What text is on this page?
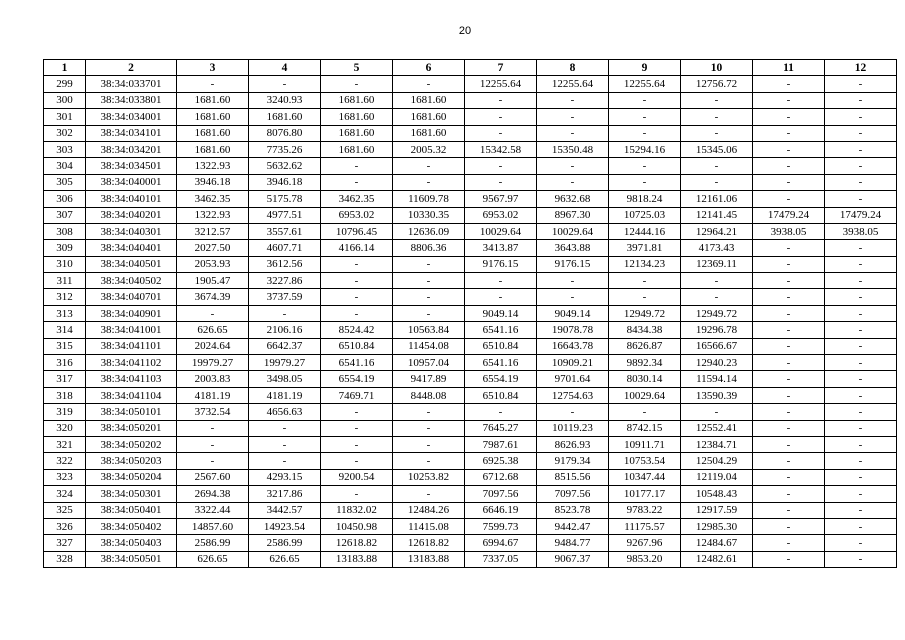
20
1	2	3	4	5	6	7	8	9	10	11	12
299	38:34:033701	-	-	-	-	12255.64	12255.64	12255.64	12756.72	-	-
300	38:34:033801	1681.60	3240.93	1681.60	1681.60	-	-	-	-	-	-
301	38:34:034001	1681.60	1681.60	1681.60	1681.60	-	-	-	-	-	-
302	38:34:034101	1681.60	8076.80	1681.60	1681.60	-	-	-	-	-	-
303	38:34:034201	1681.60	7735.26	1681.60	2005.32	15342.58	15350.48	15294.16	15345.06	-	-
304	38:34:034501	1322.93	5632.62	-	-	-	-	-	-	-	-
305	38:34:040001	3946.18	3946.18	-	-	-	-	-	-	-	-
306	38:34:040101	3462.35	5175.78	3462.35	11609.78	9567.97	9632.68	9818.24	12161.06	-	-
307	38:34:040201	1322.93	4977.51	6953.02	10330.35	6953.02	8967.30	10725.03	12141.45	17479.24	17479.24
308	38:34:040301	3212.57	3557.61	10796.45	12636.09	10029.64	10029.64	12444.16	12964.21	3938.05	3938.05
309	38:34:040401	2027.50	4607.71	4166.14	8806.36	3413.87	3643.88	3971.81	4173.43	-	-
310	38:34:040501	2053.93	3612.56	-	-	9176.15	9176.15	12134.23	12369.11	-	-
311	38:34:040502	1905.47	3227.86	-	-	-	-	-	-	-	-
312	38:34:040701	3674.39	3737.59	-	-	-	-	-	-	-	-
313	38:34:040901	-	-	-	-	9049.14	9049.14	12949.72	12949.72	-	-
314	38:34:041001	626.65	2106.16	8524.42	10563.84	6541.16	19078.78	8434.38	19296.78	-	-
315	38:34:041101	2024.64	6642.37	6510.84	11454.08	6510.84	16643.78	8626.87	16566.67	-	-
316	38:34:041102	19979.27	19979.27	6541.16	10957.04	6541.16	10909.21	9892.34	12940.23	-	-
317	38:34:041103	2003.83	3498.05	6554.19	9417.89	6554.19	9701.64	8030.14	11594.14	-	-
318	38:34:041104	4181.19	4181.19	7469.71	8448.08	6510.84	12754.63	10029.64	13590.39	-	-
319	38:34:050101	3732.54	4656.63	-	-	-	-	-	-	-	-
320	38:34:050201	-	-	-	-	7645.27	10119.23	8742.15	12552.41	-	-
321	38:34:050202	-	-	-	-	7987.61	8626.93	10911.71	12384.71	-	-
322	38:34:050203	-	-	-	-	6925.38	9179.34	10753.54	12504.29	-	-
323	38:34:050204	2567.60	4293.15	9200.54	10253.82	6712.68	8515.56	10347.44	12119.04	-	-
324	38:34:050301	2694.38	3217.86	-	-	7097.56	7097.56	10177.17	10548.43	-	-
325	38:34:050401	3322.44	3442.57	11832.02	12484.26	6646.19	8523.78	9783.22	12917.59	-	-
326	38:34:050402	14857.60	14923.54	10450.98	11415.08	7599.73	9442.47	11175.57	12985.30	-	-
327	38:34:050403	2586.99	2586.99	12618.82	12618.82	6994.67	9484.77	9267.96	12484.67	-	-
328	38:34:050501	626.65	626.65	13183.88	13183.88	7337.05	9067.37	9853.20	12482.61	-	-
